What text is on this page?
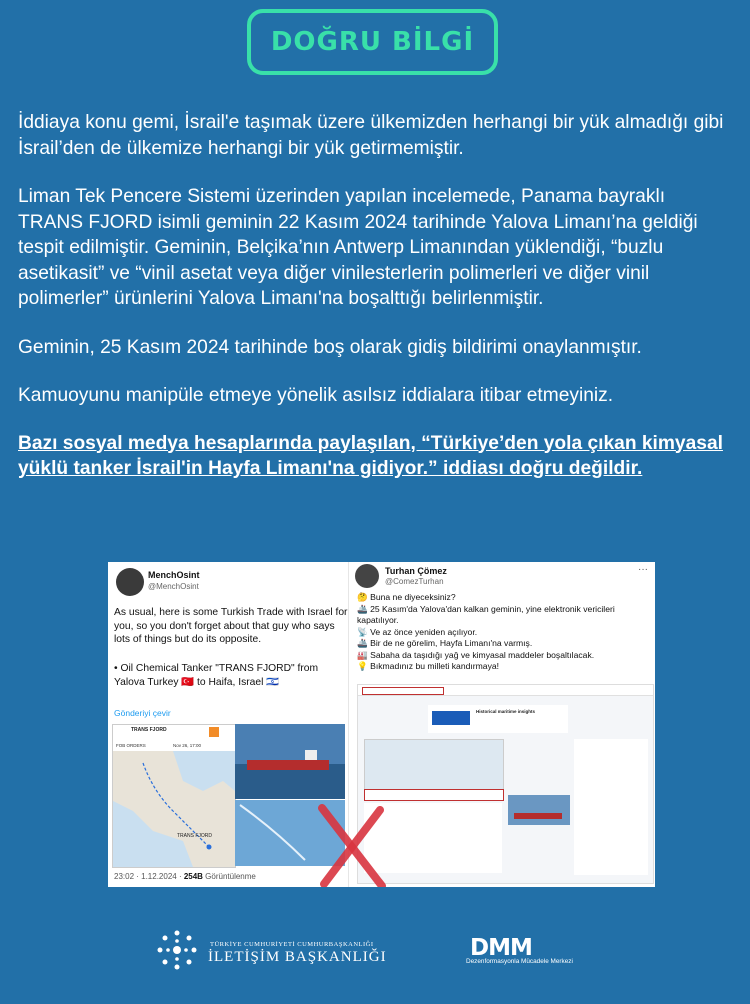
DOĞRU BİLGİ

İddiaya konu gemi, İsrail'e taşımak üzere ülkemizden herhangi bir yük almadığı gibi İsrail’den de ülkemize herhangi bir yük getirmemiştir.

Liman Tek Pencere Sistemi üzerinden yapılan incelemede, Panama bayraklı TRANS FJORD isimli geminin 22 Kasım 2024 tarihinde Yalova Limanı’na geldiği tespit edilmiştir. Geminin, Belçika’nın Antwerp Limanından yüklendiği, “buzlu asetikasit” ve “vinil asetat veya diğer vinilesterlerin polimerleri ve diğer vinil polimerler” ürünlerini Yalova Limanı'na boşalttığı belirlenmiştir.

Geminin, 25 Kasım 2024 tarihinde boş olarak gidiş bildirimi onaylanmıştır.

Kamuoyunu manipüle etmeye yönelik asılsız iddialara itibar etmeyiniz.

Bazı sosyal medya hesaplarında paylaşılan, “Türkiye’den yola çıkan kimyasal yüklü tanker İsrail'in Hayfa Limanı'na gidiyor.” iddiası doğru değildir.

MenchOsint
@MenchOsint
As usual, here is some Turkish Trade with Israel for you, so you don't forget about that guy who says lots of things but do its opposite.
• Oil Chemical Tanker "TRANS FJORD" from Yalova Turkey 🇹🇷 to Haifa, Israel 🇮🇱
Gönderiyi çevir
TRANS FJORD
FOB ORDERS	Nov 26, 17:00
TRANS FJORD
23:02 · 1.12.2024 · 254B Görüntülenme
Turhan Çömez
@ComezTurhan
···
🤔 Buna ne diyeceksiniz?
🚢 25 Kasım'da Yalova'dan kalkan geminin, yine elektronik vericileri kapatılıyor.
📡 Ve az önce yeniden açılıyor.
🚢 Bir de ne görelim, Hayfa Limanı'na varmış.
🏭 Sabaha da taşıdığı yağ ve kimyasal maddeler boşaltılacak.
💡 Bıkmadınız bu milleti kandırmaya!
Historical maritime insights
TÜRKİYE CUMHURİYETİ CUMHURBAŞKANLIĞI
İLETİŞİM BAŞKANLIĞI	DMM
Dezenformasyonla Mücadele Merkezi
